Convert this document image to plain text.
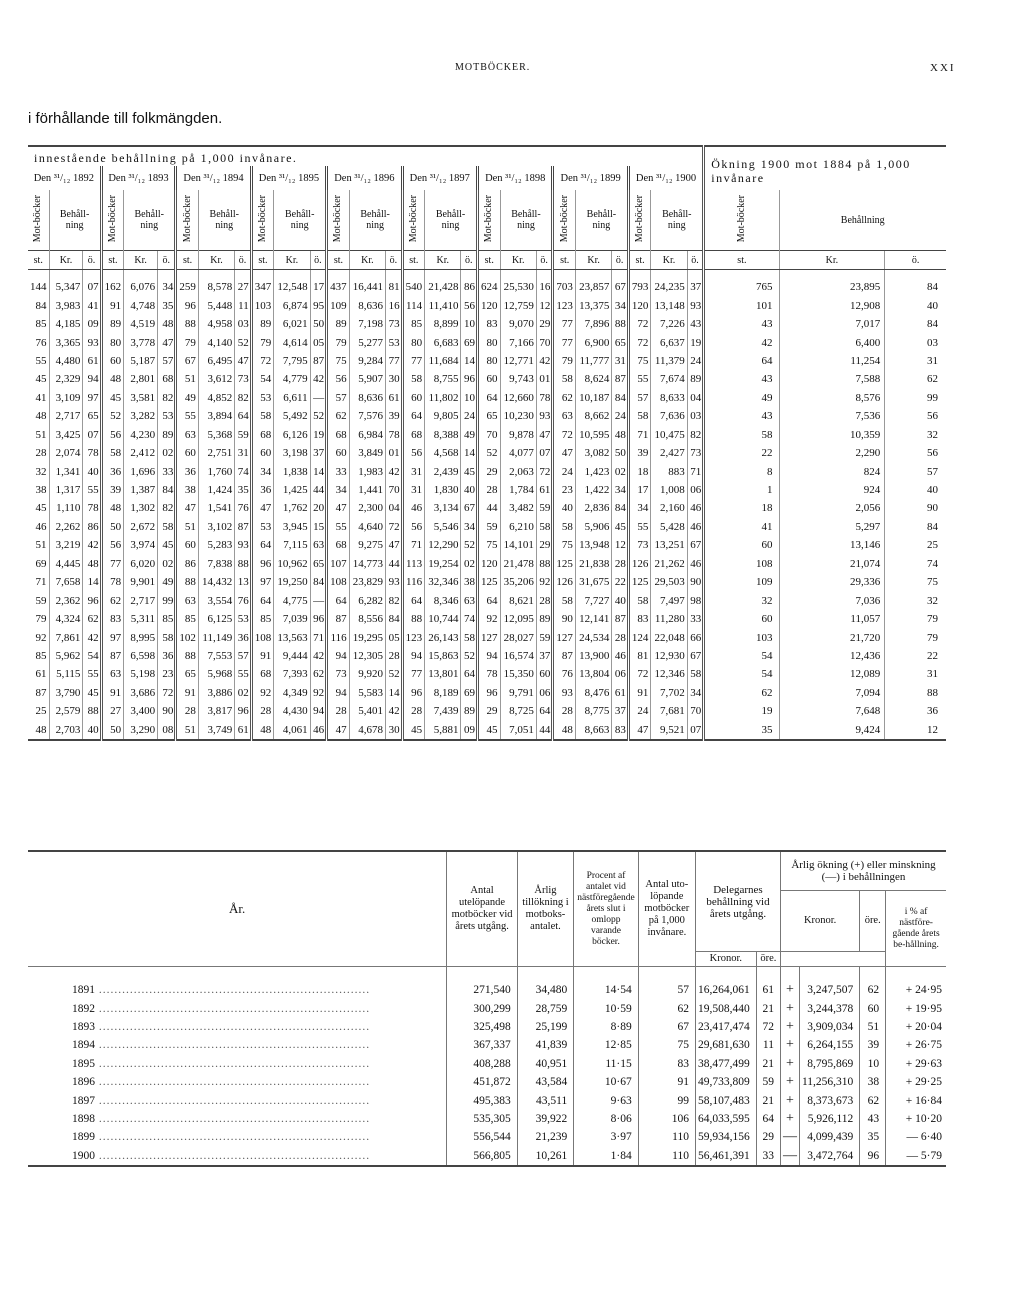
MOTBÖCKER.	XXI
i förhållande till folkmängden.
innestående behållning på 1,000 invånare.																											Ökning 1900 mot 1884 på 1,000 invånare		
Den ³¹/₁₂ 1892			Den ³¹/₁₂ 1893			Den ³¹/₁₂ 1894			Den ³¹/₁₂ 1895			Den ³¹/₁₂ 1896			Den ³¹/₁₂ 1897			Den ³¹/₁₂ 1898			Den ³¹/₁₂ 1899			Den ³¹/₁₂ 1900					
Mot-böcker	Behåll-ning		Mot-böcker	Behåll-ning		Mot-böcker	Behåll-ning		Mot-böcker	Behåll-ning		Mot-böcker	Behåll-ning		Mot-böcker	Behåll-ning		Mot-böcker	Behåll-ning		Mot-böcker	Behåll-ning		Mot-böcker	Behåll-ning		Mot-böcker	Behållning	
st.	Kr.	ö.	st.	Kr.	ö.	st.	Kr.	ö.	st.	Kr.	ö.	st.	Kr.	ö.	st.	Kr.	ö.	st.	Kr.	ö.	st.	Kr.	ö.	st.	Kr.	ö.	st.	Kr.	ö.
144	5,347	07	162	6,076	34	259	8,578	27	347	12,548	17	437	16,441	81	540	21,428	86	624	25,530	16	703	23,857	67	793	24,235	37	765	23,895	84
84	3,983	41	91	4,748	35	96	5,448	11	103	6,874	95	109	8,636	16	114	11,410	56	120	12,759	12	123	13,375	34	120	13,148	93	101	12,908	40
85	4,185	09	89	4,519	48	88	4,958	03	89	6,021	50	89	7,198	73	85	8,899	10	83	9,070	29	77	7,896	88	72	7,226	43	43	7,017	84
76	3,365	93	80	3,778	47	79	4,140	52	79	4,614	05	79	5,277	53	80	6,683	69	80	7,166	70	77	6,900	65	72	6,637	19	42	6,400	03
55	4,480	61	60	5,187	57	67	6,495	47	72	7,795	87	75	9,284	77	77	11,684	14	80	12,771	42	79	11,777	31	75	11,379	24	64	11,254	31
45	2,329	94	48	2,801	68	51	3,612	73	54	4,779	42	56	5,907	30	58	8,755	96	60	9,743	01	58	8,624	87	55	7,674	89	43	7,588	62
41	3,109	97	45	3,581	82	49	4,852	82	53	6,611	—	57	8,636	61	60	11,802	10	64	12,660	78	62	10,187	84	57	8,633	04	49	8,576	99
48	2,717	65	52	3,282	53	55	3,894	64	58	5,492	52	62	7,576	39	64	9,805	24	65	10,230	93	63	8,662	24	58	7,636	03	43	7,536	56
51	3,425	07	56	4,230	89	63	5,368	59	68	6,126	19	68	6,984	78	68	8,388	49	70	9,878	47	72	10,595	48	71	10,475	82	58	10,359	32
28	2,074	78	58	2,412	02	60	2,751	31	60	3,198	37	60	3,849	01	56	4,568	14	52	4,077	07	47	3,082	50	39	2,427	73	22	2,290	56
32	1,341	40	36	1,696	33	36	1,760	74	34	1,838	14	33	1,983	42	31	2,439	45	29	2,063	72	24	1,423	02	18	883	71	8	824	57
38	1,317	55	39	1,387	84	38	1,424	35	36	1,425	44	34	1,441	70	31	1,830	40	28	1,784	61	23	1,422	34	17	1,008	06	1	924	40
45	1,110	78	48	1,302	82	47	1,541	76	47	1,762	20	47	2,300	04	46	3,134	67	44	3,482	59	40	2,836	84	34	2,160	46	18	2,056	90
46	2,262	86	50	2,672	58	51	3,102	87	53	3,945	15	55	4,640	72	56	5,546	34	59	6,210	58	58	5,906	45	55	5,428	46	41	5,297	84
51	3,219	42	56	3,974	45	60	5,283	93	64	7,115	63	68	9,275	47	71	12,290	52	75	14,101	29	75	13,948	12	73	13,251	67	60	13,146	25
69	4,445	48	77	6,020	02	86	7,838	88	96	10,962	65	107	14,773	44	113	19,254	02	120	21,478	88	125	21,838	28	126	21,262	46	108	21,074	74
71	7,658	14	78	9,901	49	88	14,432	13	97	19,250	84	108	23,829	93	116	32,346	38	125	35,206	92	126	31,675	22	125	29,503	90	109	29,336	75
59	2,362	96	62	2,717	99	63	3,554	76	64	4,775	—	64	6,282	82	64	8,346	63	64	8,621	28	58	7,727	40	58	7,497	98	32	7,036	32
79	4,324	62	83	5,311	85	85	6,125	53	85	7,039	96	87	8,556	84	88	10,744	74	92	12,095	89	90	12,141	87	83	11,280	33	60	11,057	79
92	7,861	42	97	8,995	58	102	11,149	36	108	13,563	71	116	19,295	05	123	26,143	58	127	28,027	59	127	24,534	28	124	22,048	66	103	21,720	79
85	5,962	54	87	6,598	36	88	7,553	57	91	9,444	42	94	12,305	28	94	15,863	52	94	16,574	37	87	13,900	46	81	12,930	67	54	12,436	22
61	5,115	55	63	5,198	23	65	5,968	55	68	7,393	62	73	9,920	52	77	13,801	64	78	15,350	60	76	13,804	06	72	12,346	58	54	12,089	31
87	3,790	45	91	3,686	72	91	3,886	02	92	4,349	92	94	5,583	14	96	8,189	69	96	9,791	06	93	8,476	61	91	7,702	34	62	7,094	88
25	2,579	88	27	3,400	90	28	3,817	96	28	4,430	94	28	5,401	42	28	7,439	89	29	8,725	64	28	8,775	37	24	7,681	70	19	7,648	36
48	2,703	40	50	3,290	08	51	3,749	61	48	4,061	46	47	4,678	30	45	5,881	09	45	7,051	44	48	8,663	83	47	9,521	07	35	9,424	12
År.	Antal utelöpande motböcker vid årets utgång.	Årlig tillökning i motboks-antalet.	Procent af antalet vid nästföregående årets slut i omlopp varande böcker.	Antal uto-löpande motböcker på 1,000 invånare.	Delegarnes behållning vid årets utgång.		Årlig ökning (+) eller minskning (—) i behållningen			
							Kronor.		öre.	i % af nästföre-gående årets be-hållning.
					Kronor.	öre.				
1891 ......................................................................	271,540	34,480	14·54	57	16,264,061	61	+	3,247,507	62	+ 24·95
1892 ......................................................................	300,299	28,759	10·59	62	19,508,440	21	+	3,244,378	60	+ 19·95
1893 ......................................................................	325,498	25,199	8·89	67	23,417,474	72	+	3,909,034	51	+ 20·04
1894 ......................................................................	367,337	41,839	12·85	75	29,681,630	11	+	6,264,155	39	+ 26·75
1895 ......................................................................	408,288	40,951	11·15	83	38,477,499	21	+	8,795,869	10	+ 29·63
1896 ......................................................................	451,872	43,584	10·67	91	49,733,809	59	+	11,256,310	38	+ 29·25
1897 ......................................................................	495,383	43,511	9·63	99	58,107,483	21	+	8,373,673	62	+ 16·84
1898 ......................................................................	535,305	39,922	8·06	106	64,033,595	64	+	5,926,112	43	+ 10·20
1899 ......................................................................	556,544	21,239	3·97	110	59,934,156	29	—	4,099,439	35	— 6·40
1900 ......................................................................	566,805	10,261	1·84	110	56,461,391	33	—	3,472,764	96	— 5·79
